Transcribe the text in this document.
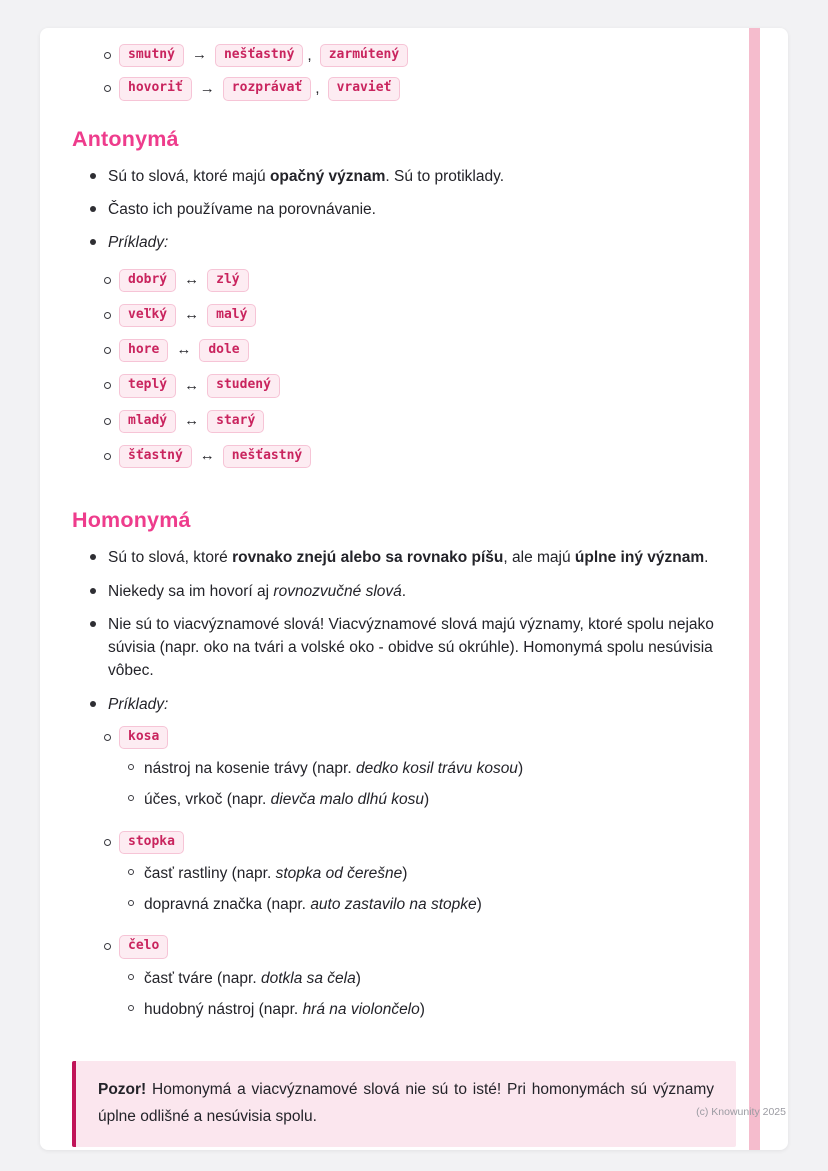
smutný	→	nešťastný ,	zarmútený
hovoriť	→	rozprávať ,	vravieť
Antonymá
Sú to slová, ktoré majú opačný význam. Sú to protiklady.
Často ich používame na porovnávanie.
Príklady:
dobrý	↔	zlý
veľký	↔	malý
hore	↔	dole
teplý	↔	studený
mladý	↔	starý
šťastný	↔	nešťastný
Homonymá
Sú to slová, ktoré rovnako znejú alebo sa rovnako píšu, ale majú úplne iný význam.
Niekedy sa im hovorí aj rovnozvučné slová.
Nie sú to viacvýznamové slová! Viacvýznamové slová majú významy, ktoré spolu nejako súvisia (napr. oko na tvári a volské oko - obidve sú okrúhle). Homonymá spolu nesúvisia vôbec.
Príklady:
kosa
nástroj na kosenie trávy (napr. dedko kosil trávu kosou)
účes, vrkoč (napr. dievča malo dlhú kosu)
stopka
časť rastliny (napr. stopka od čerešne)
dopravná značka (napr. auto zastavilo na stopke)
čelo
časť tváre (napr. dotkla sa čela)
hudobný nástroj (napr. hrá na violončelo)
Pozor! Homonymá a viacvýznamové slová nie sú to isté! Pri homonymách sú významy úplne odlišné a nesúvisia spolu.	(c) Knowunity 2025
